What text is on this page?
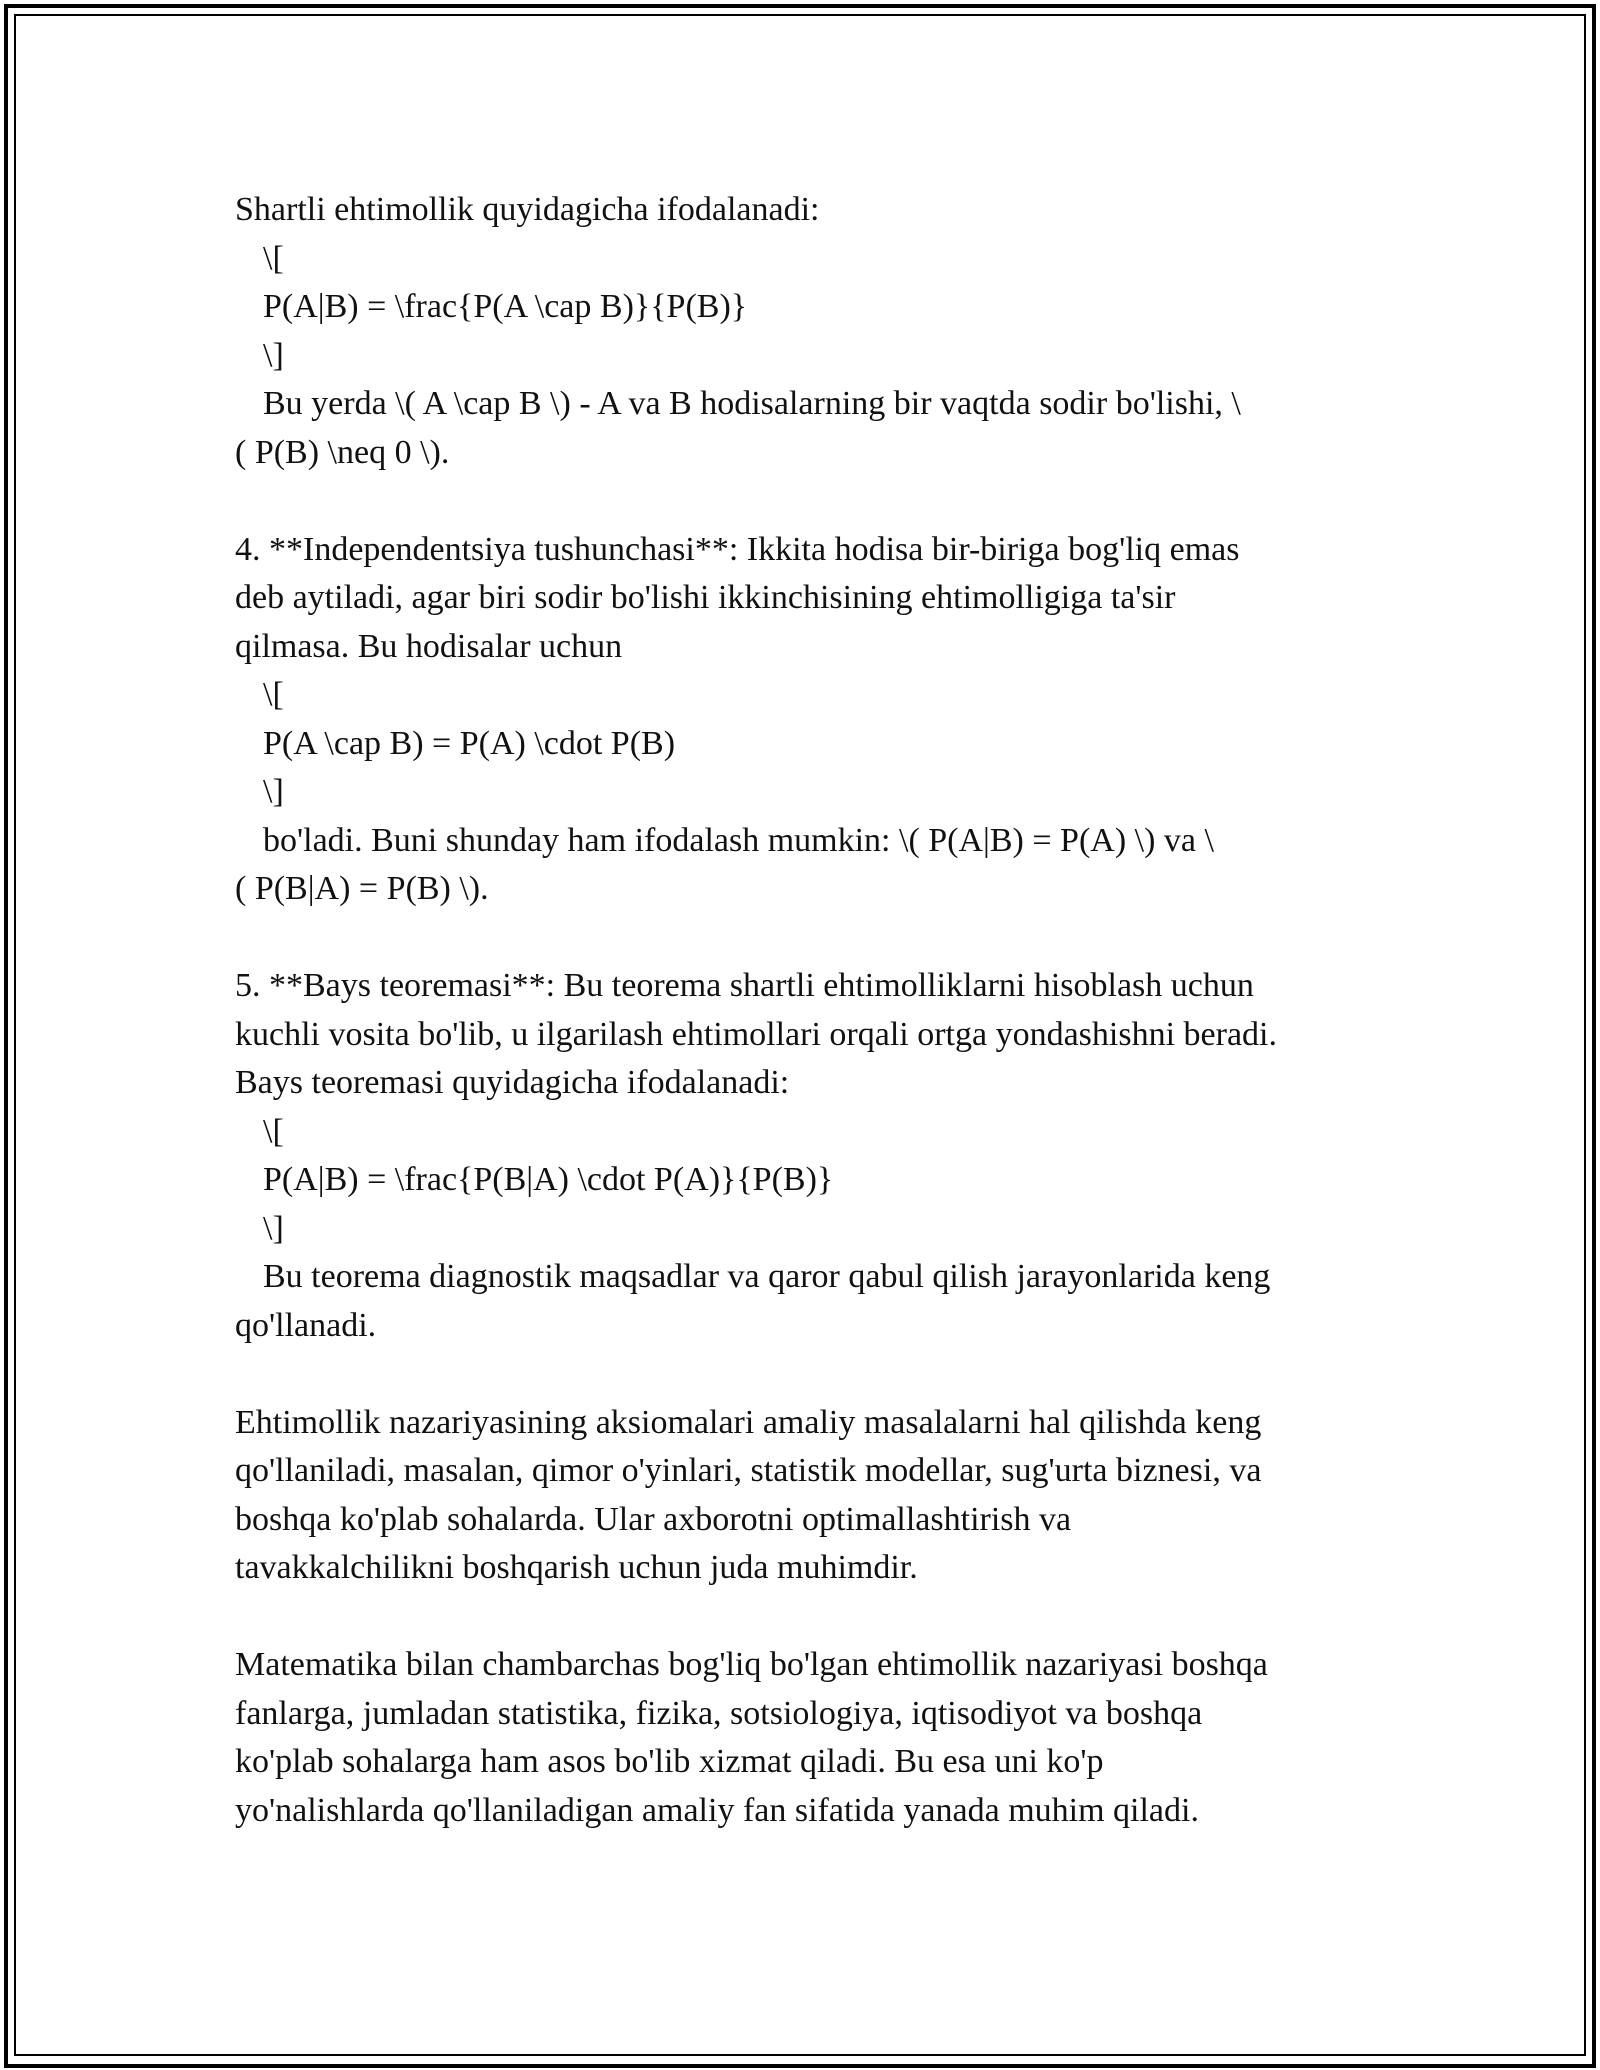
Shartli ehtimollik quyidagicha ifodalanadi:
\[
P(A|B) = \frac{P(A \cap B)}{P(B)}
\]
Bu yerda \( A \cap B \) - A va B hodisalarning bir vaqtda sodir bo'lishi, \
( P(B) \neq 0 \).
4. **Independentsiya tushunchasi**: Ikkita hodisa bir-biriga bog'liq emas
deb aytiladi, agar biri sodir bo'lishi ikkinchisining ehtimolligiga ta'sir
qilmasa. Bu hodisalar uchun
\[
P(A \cap B) = P(A) \cdot P(B)
\]
bo'ladi. Buni shunday ham ifodalash mumkin: \( P(A|B) = P(A) \) va \
( P(B|A) = P(B) \).
5. **Bays teoremasi**: Bu teorema shartli ehtimolliklarni hisoblash uchun
kuchli vosita bo'lib, u ilgarilash ehtimollari orqali ortga yondashishni beradi.
Bays teoremasi quyidagicha ifodalanadi:
\[
P(A|B) = \frac{P(B|A) \cdot P(A)}{P(B)}
\]
Bu teorema diagnostik maqsadlar va qaror qabul qilish jarayonlarida keng
qo'llanadi.
Ehtimollik nazariyasining aksiomalari amaliy masalalarni hal qilishda keng
qo'llaniladi, masalan, qimor o'yinlari, statistik modellar, sug'urta biznesi, va
boshqa ko'plab sohalarda. Ular axborotni optimallashtirish va
tavakkalchilikni boshqarish uchun juda muhimdir.
Matematika bilan chambarchas bog'liq bo'lgan ehtimollik nazariyasi boshqa
fanlarga, jumladan statistika, fizika, sotsiologiya, iqtisodiyot va boshqa
ko'plab sohalarga ham asos bo'lib xizmat qiladi. Bu esa uni ko'p
yo'nalishlarda qo'llaniladigan amaliy fan sifatida yanada muhim qiladi.
